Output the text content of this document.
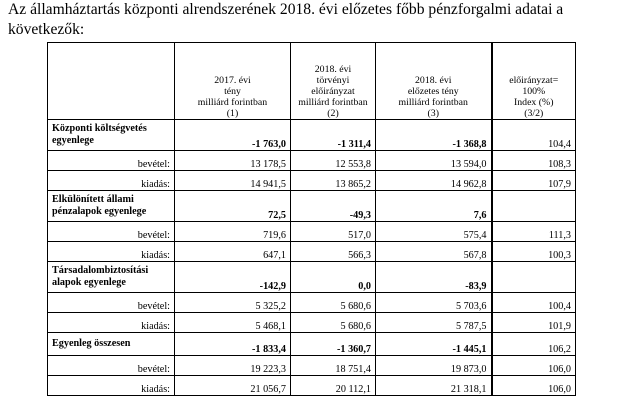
Az államháztartás központi alrendszerének 2018. évi előzetes főbb pénzforgalmi adatai a következők:

	2017. évi
tény
milliárd forintban
(1)	2018. évi
törvényi
előirányzat
milliárd forintban
(2)	2018. évi
előzetes tény
milliárd forintban
(3)	előirányzat=
100%
Index (%)
(3/2)

Központi költségvetés egyenlege	-1 763,0	-1 311,4	-1 368,8	104,4
bevétel:	13 178,5	12 553,8	13 594,0	108,3
kiadás:	14 941,5	13 865,2	14 962,8	107,9
Elkülönített állami pénzalapok egyenlege	72,5	-49,3	7,6	
bevétel:	719,6	517,0	575,4	111,3
kiadás:	647,1	566,3	567,8	100,3
Társadalombiztosítási alapok egyenlege	-142,9	0,0	-83,9	
bevétel:	5 325,2	5 680,6	5 703,6	100,4
kiadás:	5 468,1	5 680,6	5 787,5	101,9
Egyenleg összesen	-1 833,4	-1 360,7	-1 445,1	106,2
bevétel:	19 223,3	18 751,4	19 873,0	106,0
kiadás:	21 056,7	20 112,1	21 318,1	106,0
